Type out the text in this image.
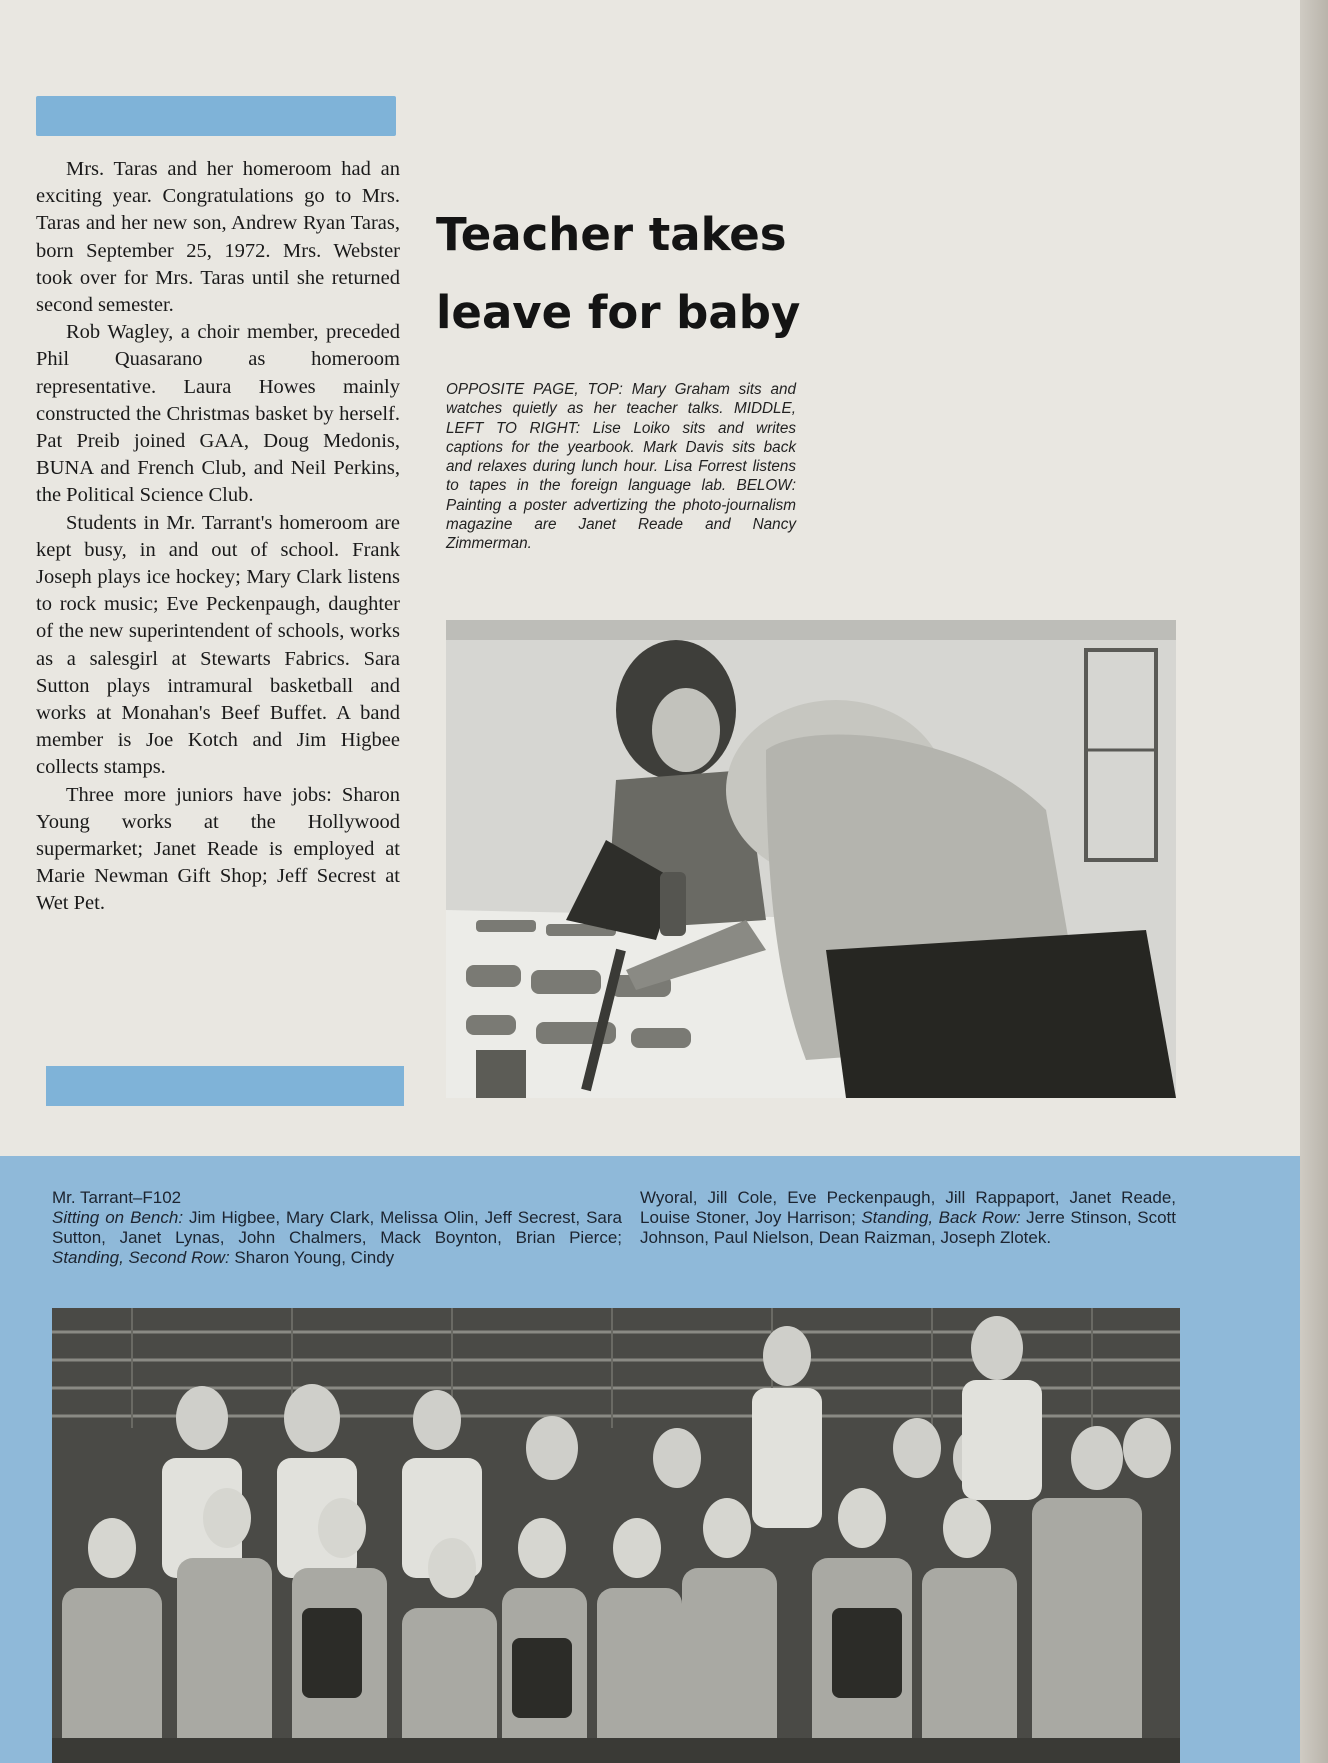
Mrs. Taras and her homeroom had an exciting year. Congratulations go to Mrs. Taras and her new son, Andrew Ryan Taras, born September 25, 1972. Mrs. Webster took over for Mrs. Taras until she returned second semester.

Rob Wagley, a choir member, preceded Phil Quasarano as homeroom representative. Laura Howes mainly constructed the Christmas basket by herself. Pat Preib joined GAA, Doug Medonis, BUNA and French Club, and Neil Perkins, the Political Science Club.

Students in Mr. Tarrant's homeroom are kept busy, in and out of school. Frank Joseph plays ice hockey; Mary Clark listens to rock music; Eve Peckenpaugh, daughter of the new superintendent of schools, works as a salesgirl at Stewarts Fabrics. Sara Sutton plays intramural basketball and works at Monahan's Beef Buffet. A band member is Joe Kotch and Jim Higbee collects stamps.

Three more juniors have jobs: Sharon Young works at the Hollywood supermarket; Janet Reade is employed at Marie Newman Gift Shop; Jeff Secrest at Wet Pet.

Teacher takes
leave for baby
OPPOSITE PAGE, TOP: Mary Graham sits and watches quietly as her teacher talks. MIDDLE, LEFT TO RIGHT: Lise Loiko sits and writes captions for the yearbook. Mark Davis sits back and relaxes during lunch hour. Lisa Forrest listens to tapes in the foreign language lab. BELOW: Painting a poster advertizing the photo-journalism magazine are Janet Reade and Nancy Zimmerman.
Mr. Tarrant–F102
Sitting on Bench: Jim Higbee, Mary Clark, Melissa Olin, Jeff Secrest, Sara Sutton, Janet Lynas, John Chalmers, Mack Boynton, Brian Pierce; Standing, Second Row: Sharon Young, Cindy
Wyoral, Jill Cole, Eve Peckenpaugh, Jill Rappaport, Janet Reade, Louise Stoner, Joy Harrison; Standing, Back Row: Jerre Stinson, Scott Johnson, Paul Nielson, Dean Raizman, Joseph Zlotek.
